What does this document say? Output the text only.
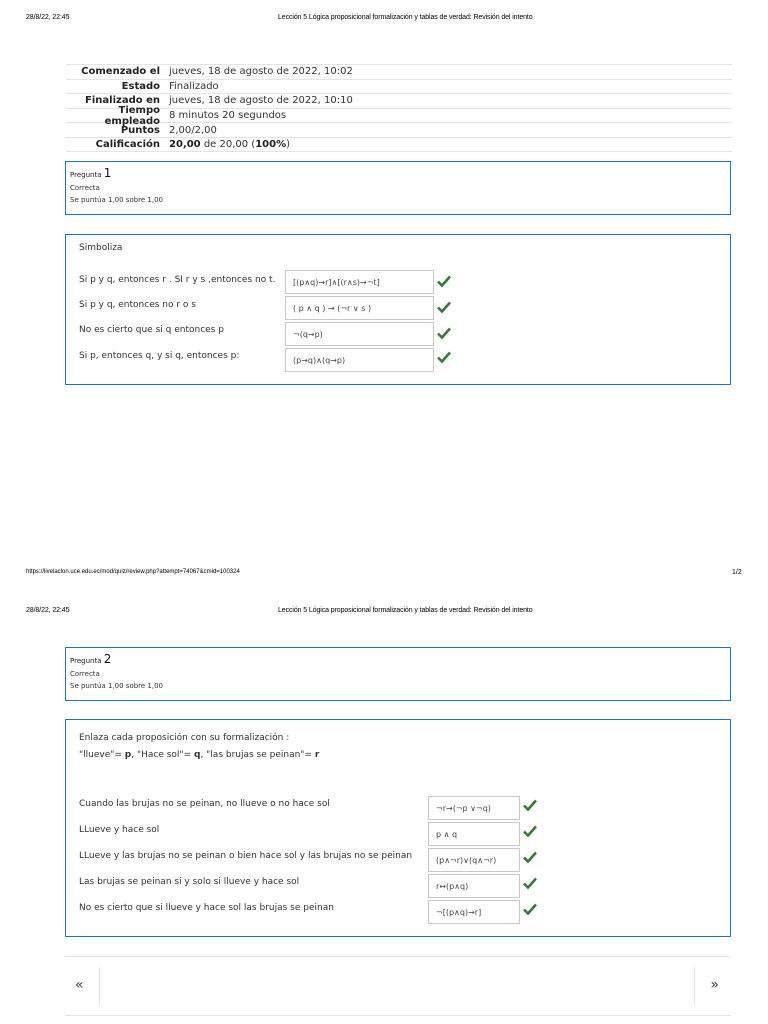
28/8/22, 22:45	Lección 5 Lógica proposicional formalización y tablas de verdad: Revisión del intento
Comenzado el jueves, 18 de agosto de 2022, 10:02
Estado Finalizado
Finalizado en jueves, 18 de agosto de 2022, 10:10
Tiempo empleado 8 minutos 20 segundos
Puntos 2,00/2,00
Calificación 20,00 de 20,00 (100%)
Pregunta 1
Correcta
Se puntúa 1,00 sobre 1,00
Simboliza
Si p y q, entonces r . SI r y s ,entonces no t.	[(p∧q)→r]∧[(r∧s)→¬t]
Si p y q, entonces no r o s	( p ∧ q ) → (¬r ∨ s )
No es cierto que si q entonces p	¬(q→p)
Si p, entonces q, y si q, entonces p:	(p→q)∧(q→p)
https://livelaclon.uce.edu.ec/mod/quiz/review.php?attempt=74067&cmid=100324	1/2
28/8/22, 22:45	Lección 5 Lógica proposicional formalización y tablas de verdad: Revisión del intento
Pregunta 2
Correcta
Se puntúa 1,00 sobre 1,00
Enlaza cada proposición con su formalización :
"llueve"= p, "Hace sol"= q, "las brujas se peinan"= r
Cuando las brujas no se peinan, no llueve o no hace sol	¬r→(¬p ∨¬q)
LLueve y hace sol	p ∧ q
LLueve y las brujas no se peinan o bien hace sol y las brujas no se peinan	(p∧¬r)∨(q∧¬r)
Las brujas se peinan si y solo si llueve y hace sol	r↔(p∧q)
No es cierto que si llueve y hace sol las brujas se peinan	¬[(p∧q)→r]
«	»
